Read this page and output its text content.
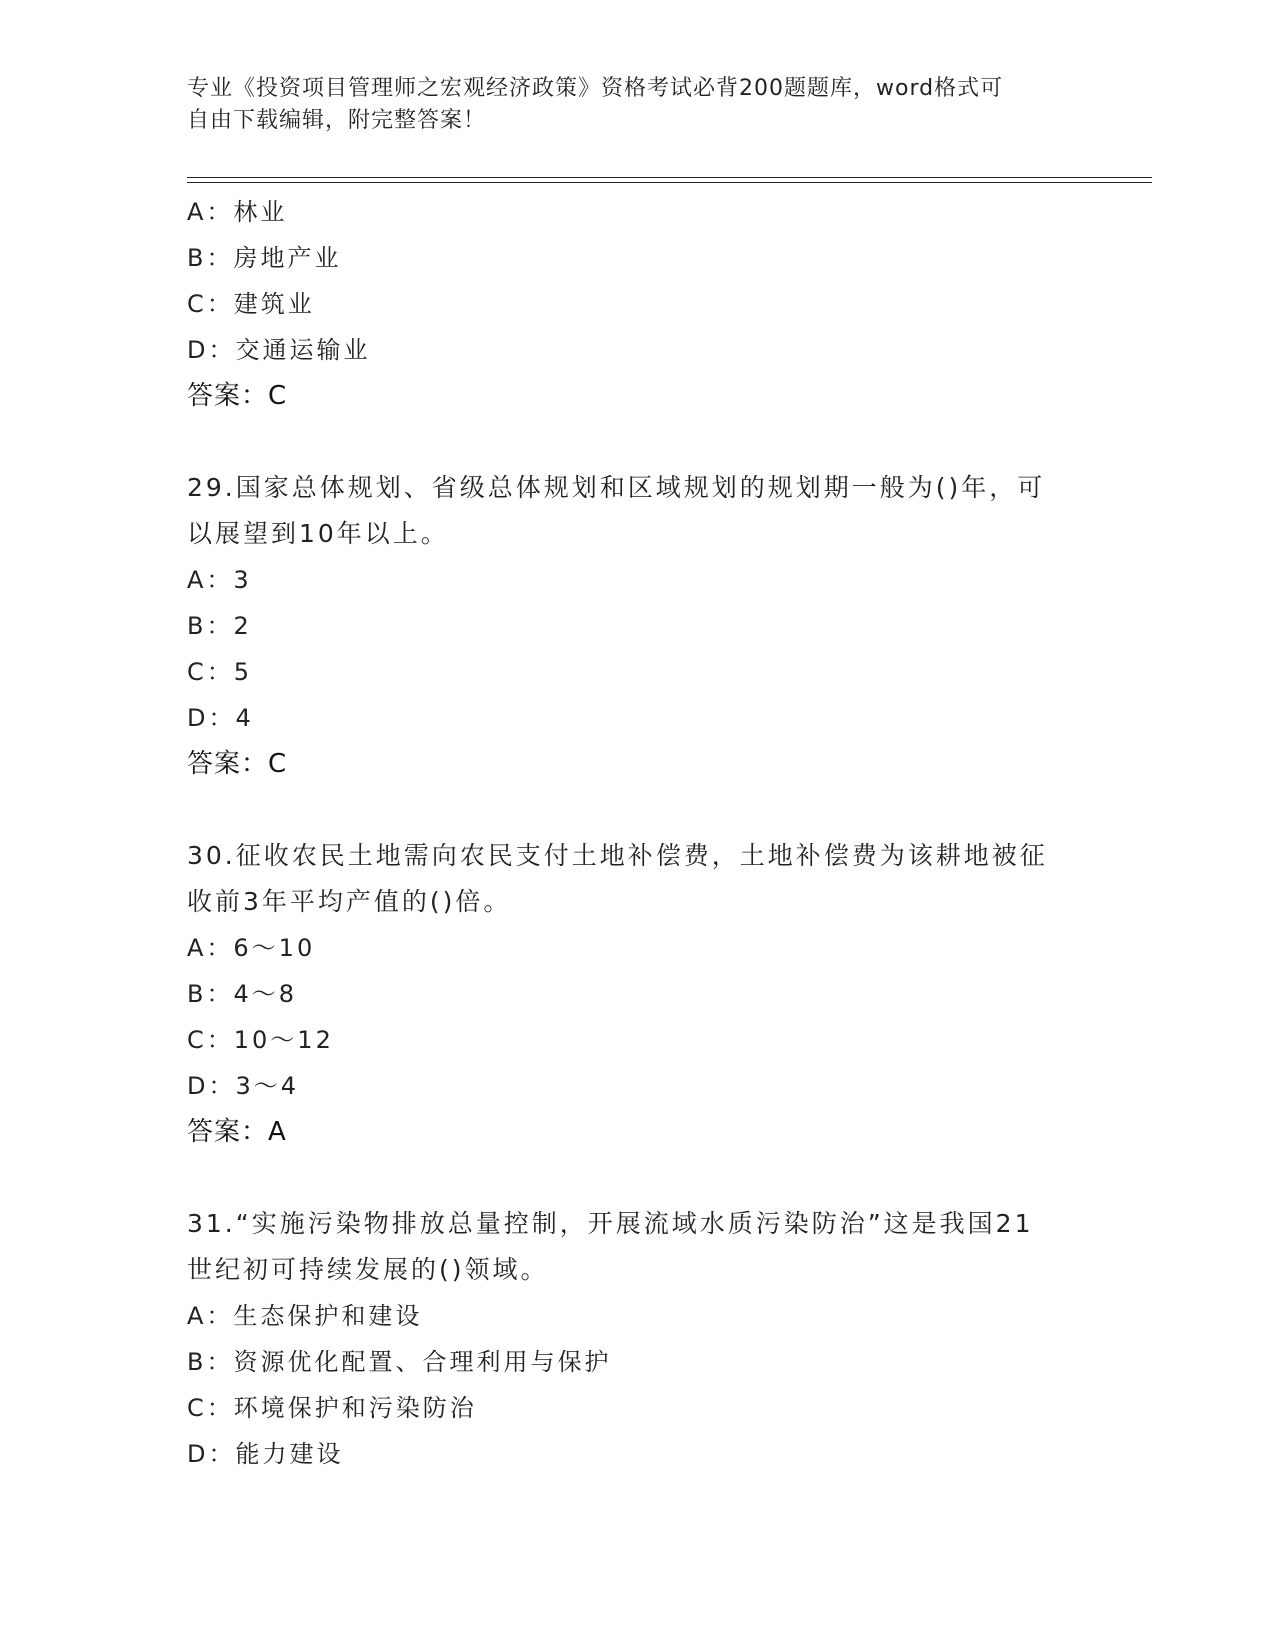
专业《投资项目管理师之宏观经济政策》资格考试必背200题题库，word格式可
自由下载编辑，附完整答案！
A：林业
B：房地产业
C：建筑业
D：交通运输业
答案：C
29.国家总体规划、省级总体规划和区域规划的规划期一般为()年，可
以展望到10年以上。
A：3
B：2
C：5
D：4
答案：C
30.征收农民土地需向农民支付土地补偿费，土地补偿费为该耕地被征
收前3年平均产值的()倍。
A：6～10
B：4～8
C：10～12
D：3～4
答案：A
31.“实施污染物排放总量控制，开展流域水质污染防治”这是我国21
世纪初可持续发展的()领域。
A：生态保护和建设
B：资源优化配置、合理利用与保护
C：环境保护和污染防治
D：能力建设
